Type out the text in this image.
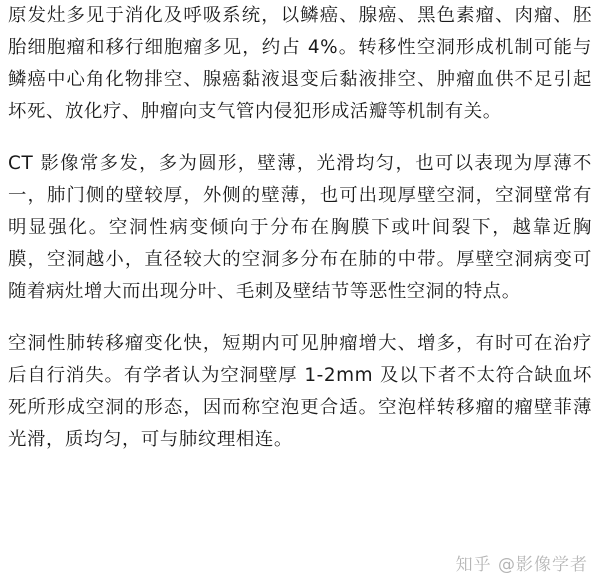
原发灶多见于消化及呼吸系统，以鳞癌、腺癌、黑色素瘤、肉瘤、胚胎细胞瘤和移行细胞瘤多见，约占 4%。转移性空洞形成机制可能与鳞癌中心角化物排空、腺癌黏液退变后黏液排空、肿瘤血供不足引起坏死、放化疗、肿瘤向支气管内侵犯形成活瓣等机制有关。

CT 影像常多发，多为圆形，壁薄，光滑均匀，也可以表现为厚薄不一，肺门侧的壁较厚，外侧的壁薄，也可出现厚壁空洞，空洞壁常有明显强化。空洞性病变倾向于分布在胸膜下或叶间裂下，越靠近胸膜，空洞越小，直径较大的空洞多分布在肺的中带。厚壁空洞病变可随着病灶增大而出现分叶、毛刺及壁结节等恶性空洞的特点。

空洞性肺转移瘤变化快，短期内可见肿瘤增大、增多，有时可在治疗后自行消失。有学者认为空洞壁厚 1-2mm 及以下者不太符合缺血坏死所形成空洞的形态，因而称空泡更合适。空泡样转移瘤的瘤壁菲薄光滑，质均匀，可与肺纹理相连。

知乎 @影像学者
